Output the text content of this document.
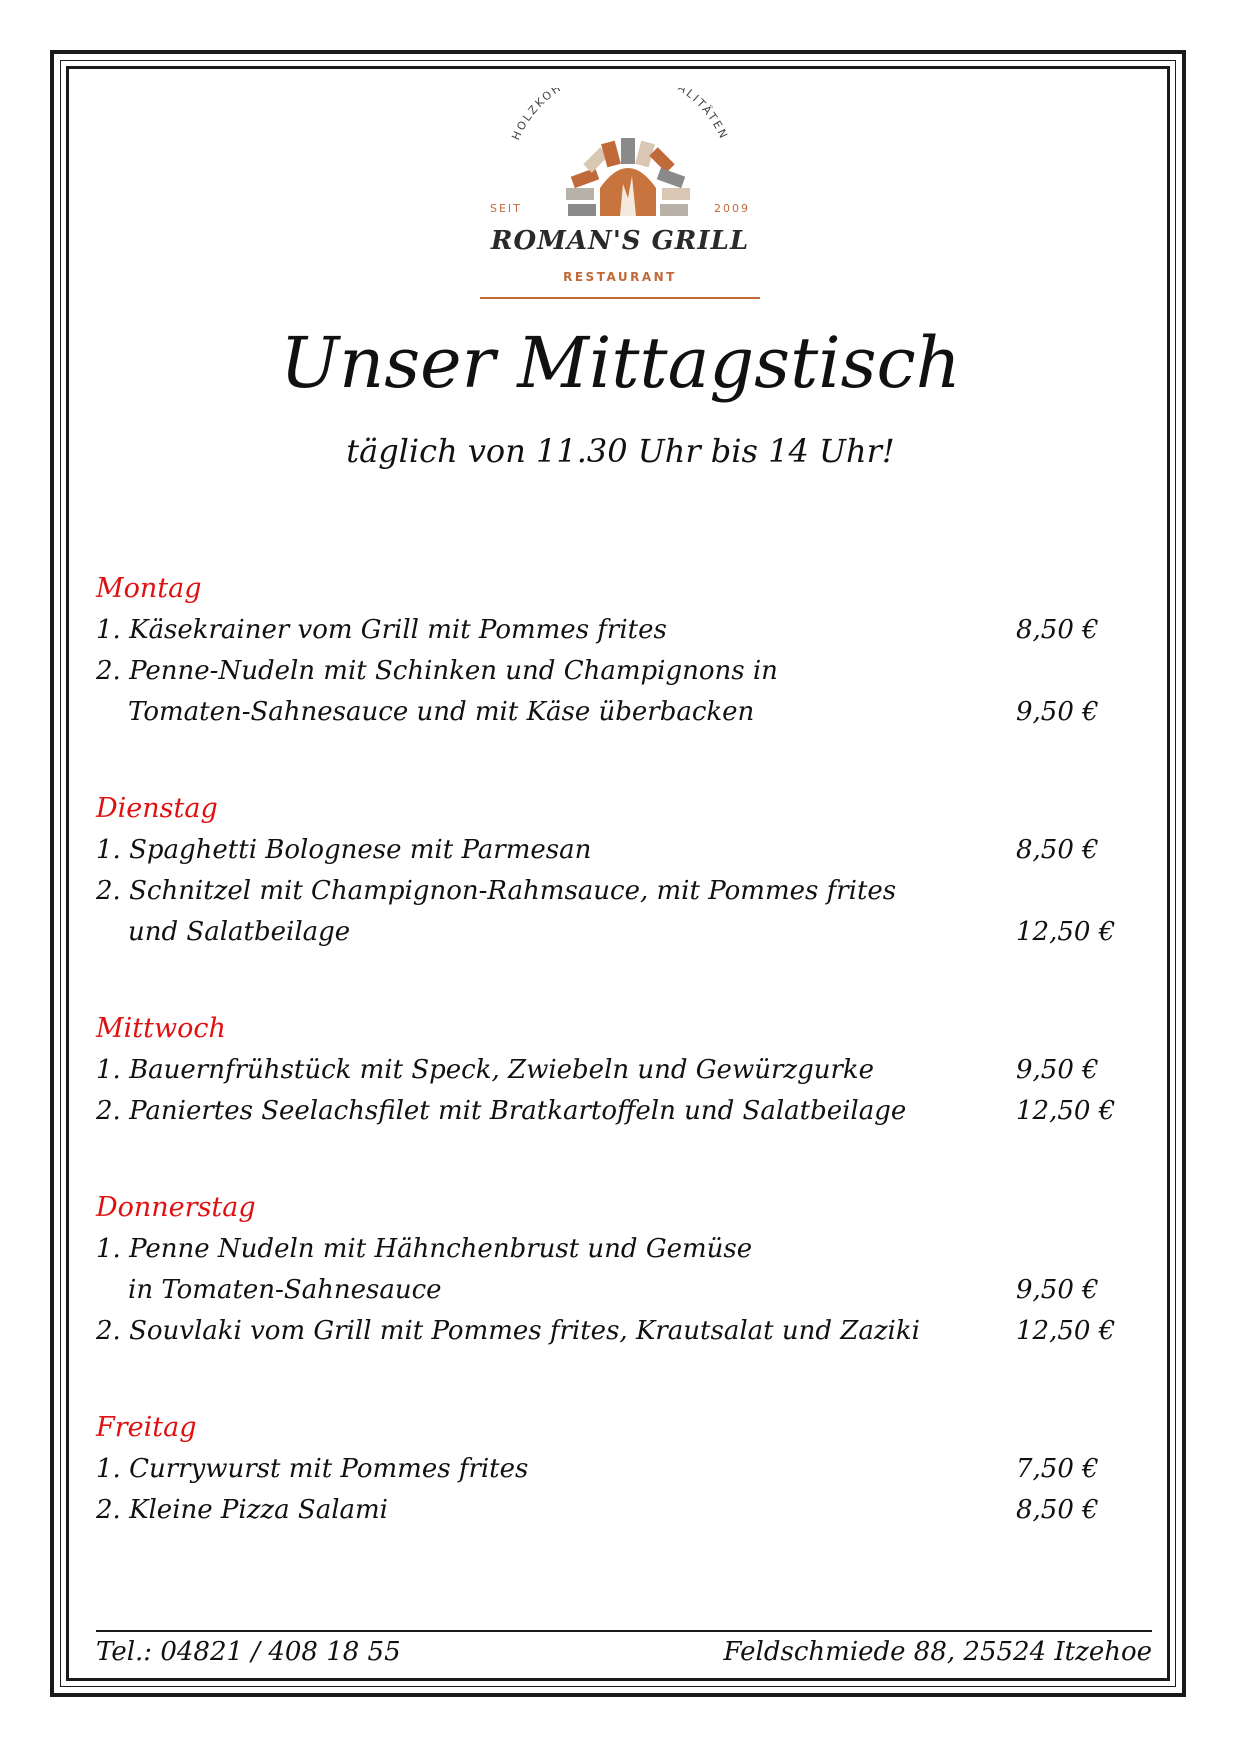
HOLZKOH ALITÄTEN
SEIT	2009
ROMAN'S GRILL
RESTAURANT
Unser Mittagstisch
täglich von 11.30 Uhr bis 14 Uhr!
Montag
1. Käsekrainer vom Grill mit Pommes frites	8,50 €
2. Penne-Nudeln mit Schinken und Champignons in
Tomaten-Sahnesauce und mit Käse überbacken	9,50 €
Dienstag
1. Spaghetti Bolognese mit Parmesan	8,50 €
2. Schnitzel mit Champignon-Rahmsauce, mit Pommes frites
und Salatbeilage	12,50 €
Mittwoch
1. Bauernfrühstück mit Speck, Zwiebeln und Gewürzgurke	9,50 €
2. Paniertes Seelachsfilet mit Bratkartoffeln und Salatbeilage	12,50 €
Donnerstag
1. Penne Nudeln mit Hähnchenbrust und Gemüse
in Tomaten-Sahnesauce	9,50 €
2. Souvlaki vom Grill mit Pommes frites, Krautsalat und Zaziki	12,50 €
Freitag
1. Currywurst mit Pommes frites	7,50 €
2. Kleine Pizza Salami	8,50 €
Tel.: 04821 / 408 18 55	Feldschmiede 88, 25524 Itzehoe
